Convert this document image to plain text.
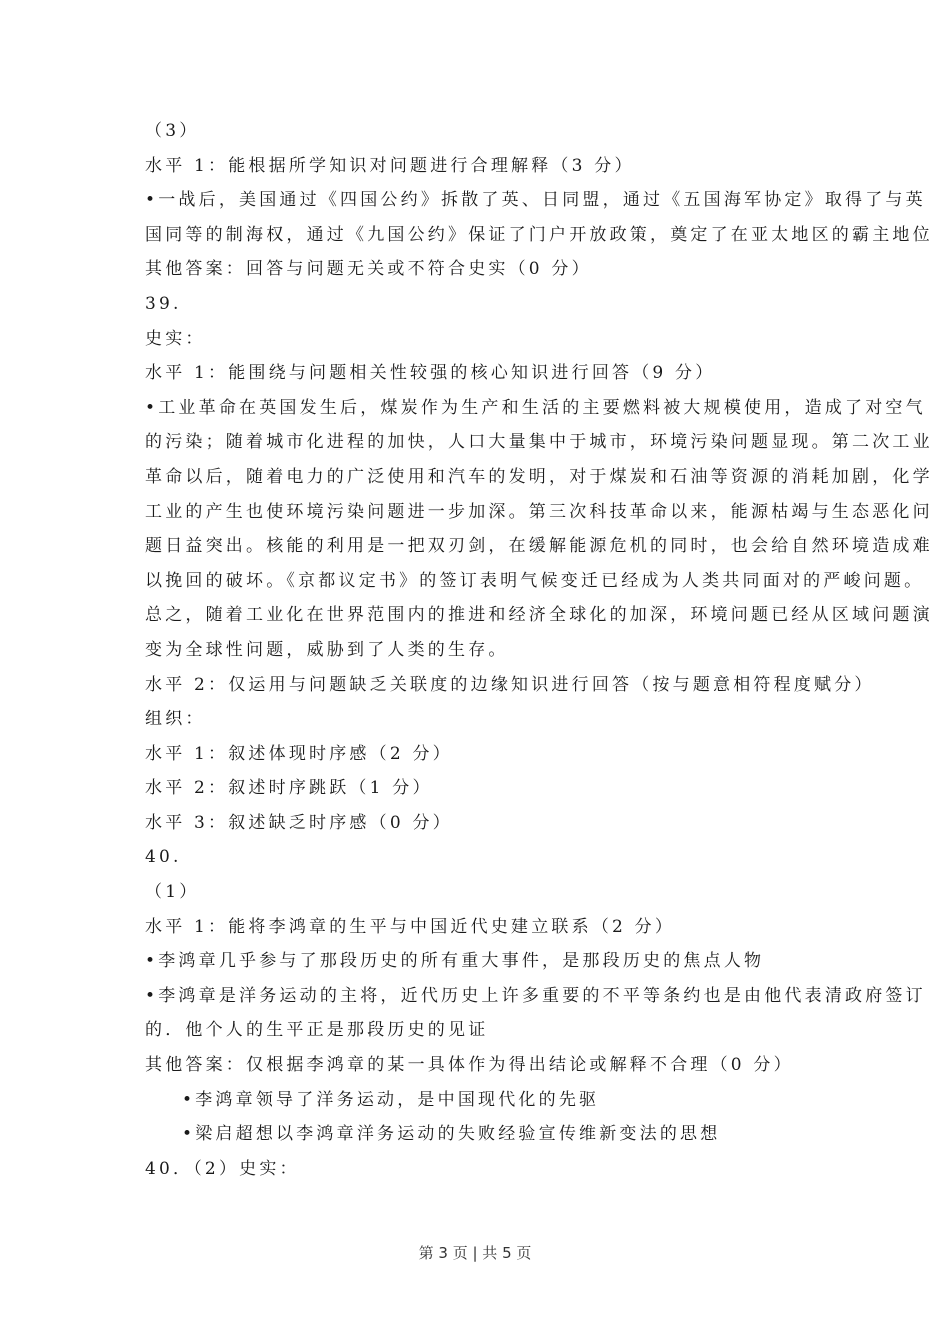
（3）
水平 1：能根据所学知识对问题进行合理解释（3 分）
•一战后，美国通过《四国公约》拆散了英、日同盟，通过《五国海军协定》取得了与英
国同等的制海权，通过《九国公约》保证了门户开放政策，奠定了在亚太地区的霸主地位
其他答案：回答与问题无关或不符合史实（0 分）
39.
史实：
水平 1：能围绕与问题相关性较强的核心知识进行回答（9 分）
•工业革命在英国发生后，煤炭作为生产和生活的主要燃料被大规模使用，造成了对空气
的污染；随着城市化进程的加快，人口大量集中于城市，环境污染问题显现。第二次工业
革命以后，随着电力的广泛使用和汽车的发明，对于煤炭和石油等资源的消耗加剧，化学
工业的产生也使环境污染问题进一步加深。第三次科技革命以来，能源枯竭与生态恶化问
题日益突出。核能的利用是一把双刃剑，在缓解能源危机的同时，也会给自然环境造成难
以挽回的破坏。《京都议定书》的签订表明气候变迁已经成为人类共同面对的严峻问题。
总之，随着工业化在世界范围内的推进和经济全球化的加深，环境问题已经从区域问题演
变为全球性问题，威胁到了人类的生存。
水平 2：仅运用与问题缺乏关联度的边缘知识进行回答（按与题意相符程度赋分）
组织：
水平 1：叙述体现时序感（2 分）
水平 2：叙述时序跳跃（1 分）
水平 3：叙述缺乏时序感（0 分）
40.
（1）
水平 1：能将李鸿章的生平与中国近代史建立联系（2 分）
•李鸿章几乎参与了那段历史的所有重大事件，是那段历史的焦点人物
•李鸿章是洋务运动的主将，近代历史上许多重要的不平等条约也是由他代表清政府签订
的．他个人的生平正是那段历史的见证
其他答案：仅根据李鸿章的某一具体作为得出结论或解释不合理（0 分）
•李鸿章领导了洋务运动，是中国现代化的先驱
•梁启超想以李鸿章洋务运动的失败经验宣传维新变法的思想
40．（2）史实：
第 3 页 | 共 5 页
